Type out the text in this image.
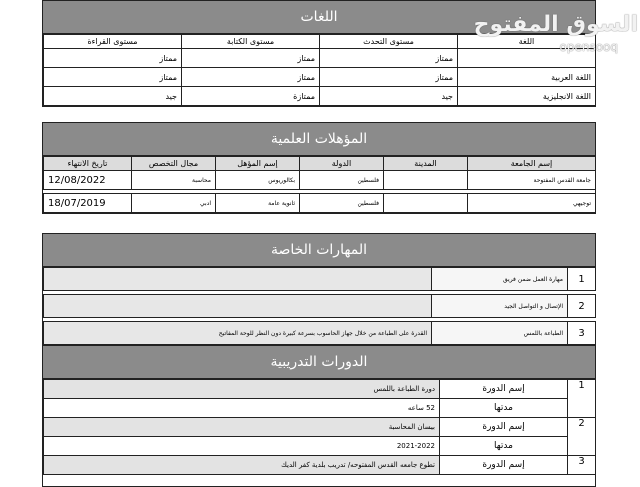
اللغات
اللغة	مستوى التحدث	مستوى الكتابة	مستوى القراءة
	ممتاز	ممتاز	ممتاز
اللغة العربية	ممتاز	ممتاز	ممتاز
اللغة الانجليزية	جيد	ممتازة	جيد
المؤهلات العلمية
إسم الجامعة	المدينة	الدولة	إسم المؤهل	مجال التخصص	تاريخ الانتهاء
جامعة القدس المفتوحة		فلسطين	بكالوريوس	محاسبة	12/08/2022

توجيهي		فلسطين	ثانوية عامة	ادبي	18/07/2019
المهارات الخاصة
1	مهارة العمل ضمن فريق	

2	الإتصال و التواصل الجيد	

3	الطباعة باللمس	القدرة على الطباعة من خلال جهاز الحاسوب بسرعة كبيرة دون النظر للوحة المفاتيح
الدورات التدريبية
1	إسم الدورة	دورة الطباعة باللمس
	مدتها	52 ساعه
2	إسم الدورة	بيسان المحاسبة
	مدتها	2021-2022
3	إسم الدورة	تطوع جامعه القدس المفتوحه/ تدريب بلدية كفر الديك
السوق المفتوح
opensooq
